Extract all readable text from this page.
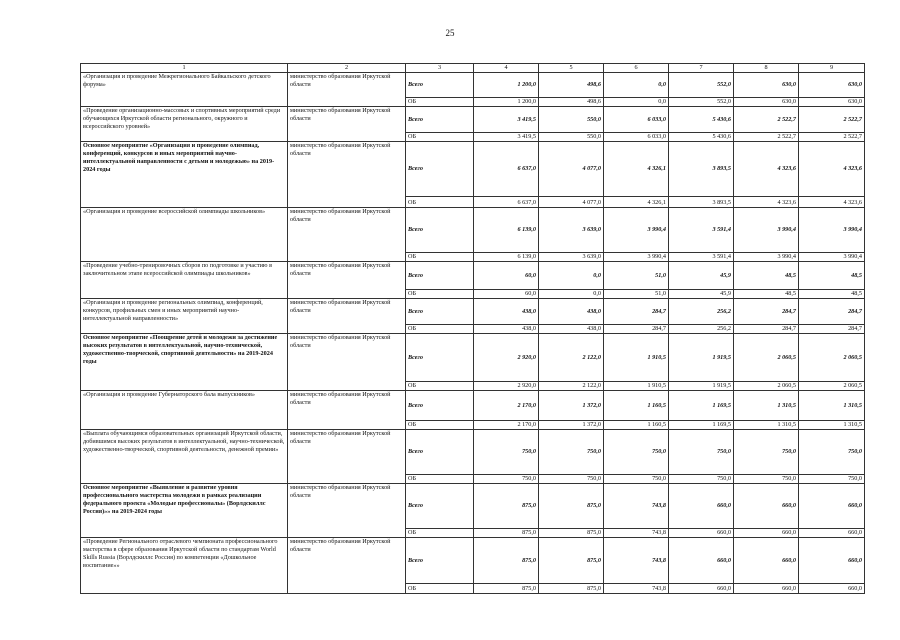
25
1	2	3	4	5	6	7	8	9
«Организация и проведение Межрегионального Байкальского детского форума»	министерство образования Иркутской области	Всего	1 200,0	498,6	0,0	552,0	630,0	630,0
		ОБ	1 200,0	498,6	0,0	552,0	630,0	630,0
«Проведение организационно-массовых и спортивных мероприятий среди обучающихся Иркутской области регионального, окружного и всероссийского уровней»	министерство образования Иркутской области	Всего	3 419,5	550,0	6 033,0	5 430,6	2 522,7	2 522,7
		ОБ	3 419,5	550,0	6 033,0	5 430,6	2 522,7	2 522,7
Основное мероприятие «Организация и проведение олимпиад, конференций, конкурсов и иных мероприятий научно-интеллектуальной направленности с детьми и молодежью» на 2019-2024 годы	министерство образования Иркутской области	Всего	6 637,0	4 077,0	4 326,1	3 893,5	4 323,6	4 323,6
		ОБ	6 637,0	4 077,0	4 326,1	3 893,5	4 323,6	4 323,6
«Организация и проведение всероссийской олимпиады школьников»	министерство образования Иркутской области	Всего	6 139,0	3 639,0	3 990,4	3 591,4	3 990,4	3 990,4
		ОБ	6 139,0	3 639,0	3 990,4	3 591,4	3 990,4	3 990,4
«Проведение учебно-тренировочных сборов по подготовке и участию в заключительном этапе всероссийской олимпиады школьников»	министерство образования Иркутской области	Всего	60,0	0,0	51,0	45,9	48,5	48,5
		ОБ	60,0	0,0	51,0	45,9	48,5	48,5
«Организация и проведение региональных олимпиад, конференций, конкурсов, профильных смен и иных мероприятий научно-интеллектуальной направленности»	министерство образования Иркутской области	Всего	438,0	438,0	284,7	256,2	284,7	284,7
		ОБ	438,0	438,0	284,7	256,2	284,7	284,7
Основное мероприятие «Поощрение детей и молодежи за достижение высоких результатов в интеллектуальной, научно-технической, художественно-творческой, спортивной деятельности» на 2019-2024 годы	министерство образования Иркутской области	Всего	2 920,0	2 122,0	1 910,5	1 919,5	2 060,5	2 060,5
		ОБ	2 920,0	2 122,0	1 910,5	1 919,5	2 060,5	2 060,5
«Организация и проведение Губернаторского бала выпускников»	министерство образования Иркутской области	Всего	2 170,0	1 372,0	1 160,5	1 169,5	1 310,5	1 310,5
		ОБ	2 170,0	1 372,0	1 160,5	1 169,5	1 310,5	1 310,5
«Выплата обучающимся образовательных организаций Иркутской области, добившимся высоких результатов в интеллектуальной, научно-технической, художественно-творческой, спортивной деятельности, денежной премии»	министерство образования Иркутской области	Всего	750,0	750,0	750,0	750,0	750,0	750,0
		ОБ	750,0	750,0	750,0	750,0	750,0	750,0
Основное мероприятие «Выявление и развитие уровня профессионального мастерства молодежи в рамках реализации федерального проекта «Молодые профессионалы» (Ворлдскиллс Россия)»» на 2019-2024 годы	министерство образования Иркутской области	Всего	875,0	875,0	743,8	660,0	660,0	660,0
		ОБ	875,0	875,0	743,8	660,0	660,0	660,0
«Проведение Регионального отраслевого чемпионата профессионального мастерства в сфере образования Иркутской области по стандартам World Skills Russia (Ворлдскиллс Россия) по компетенции «Дошкольное воспитание»»	министерство образования Иркутской области	Всего	875,0	875,0	743,8	660,0	660,0	660,0
		ОБ	875,0	875,0	743,8	660,0	660,0	660,0
